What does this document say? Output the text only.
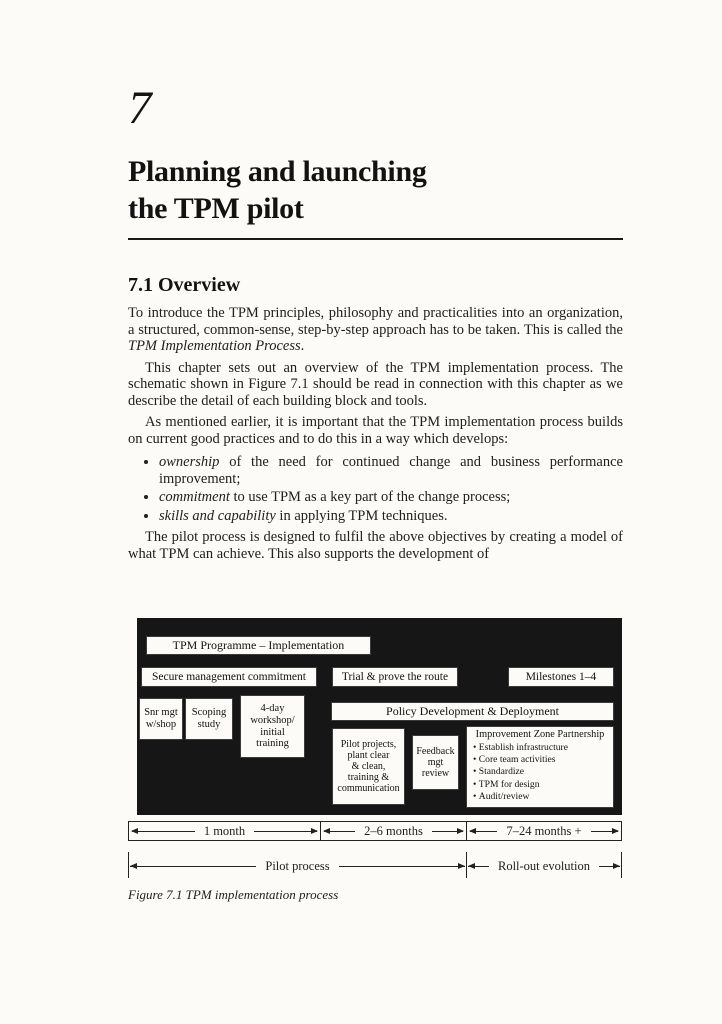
7
Planning and launching
the TPM pilot
7.1 Overview

To introduce the TPM principles, philosophy and practicalities into an organization, a structured, common-sense, step-by-step approach has to be taken. This is called the TPM Implementation Process.

This chapter sets out an overview of the TPM implementation process. The schematic shown in Figure 7.1 should be read in connection with this chapter as we describe the detail of each building block and tools.

As mentioned earlier, it is important that the TPM implementation process builds on current good practices and to do this in a way which develops:

• ownership of the need for continued change and business performance improvement;
• commitment to use TPM as a key part of the change process;
• skills and capability in applying TPM techniques.

The pilot process is designed to fulfil the above objectives by creating a model of what TPM can achieve. This also supports the development of

TPM Programme – Implementation
Secure management commitment	Trial & prove the route	Milestones 1–4
Snr mgt
w/shop
Scoping
study
4-day
workshop/
initial
training
Policy Development & Deployment
Pilot projects,
plant clear
& clean,
training &
communication
Feedback
mgt
review
Improvement Zone Partnership
• Establish infrastructure
• Core team activities
• Standardize
• TPM for design
• Audit/review
1 month	2–6 months	7–24 months +
Pilot process	Roll-out evolution
Figure 7.1 TPM implementation process
